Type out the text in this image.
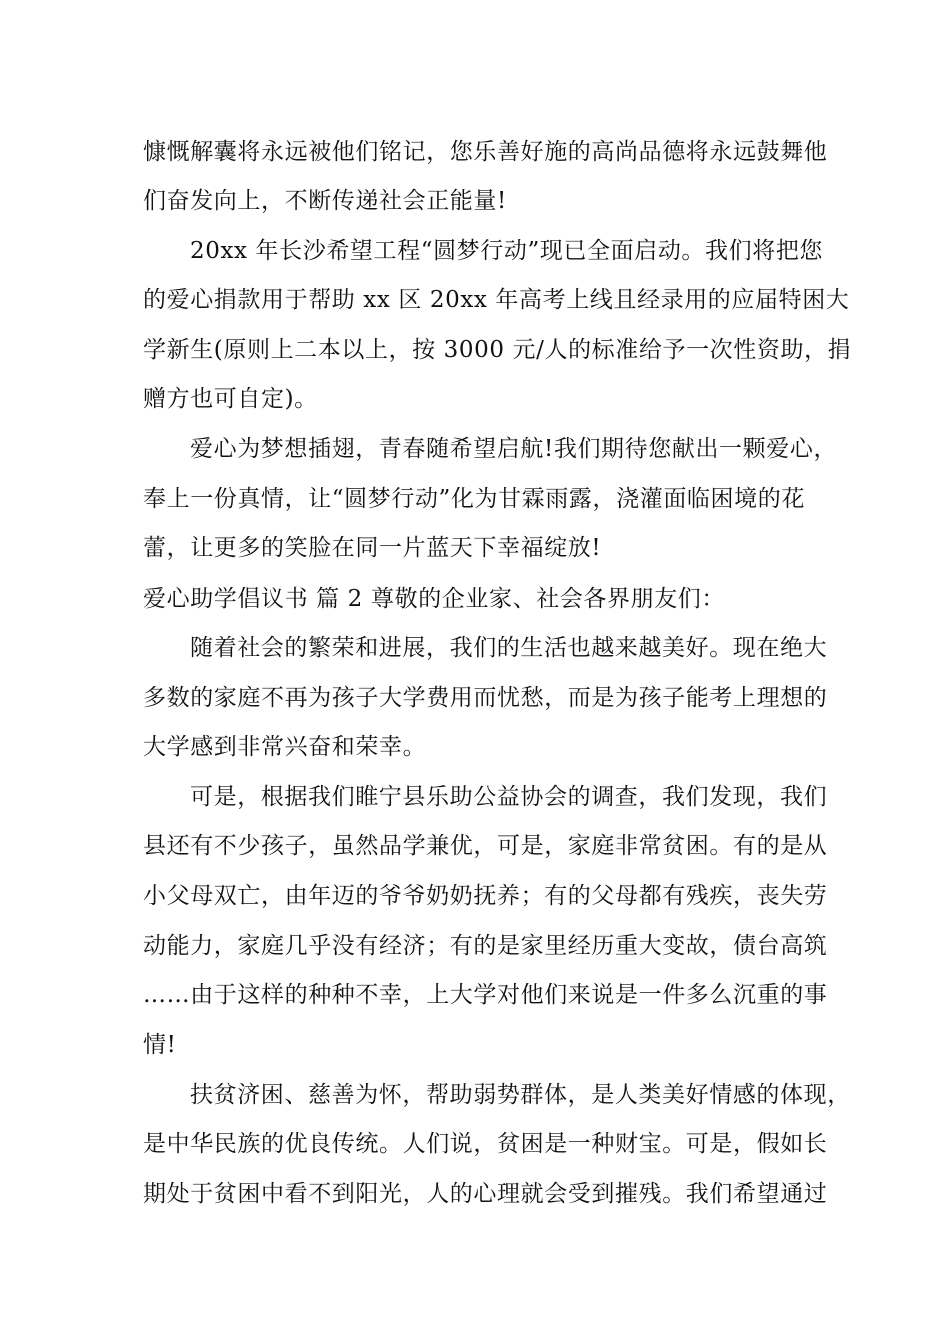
慷慨解囊将永远被他们铭记，您乐善好施的高尚品德将永远鼓舞他
们奋发向上，不断传递社会正能量!
20xx 年长沙希望工程“圆梦行动”现已全面启动。我们将把您
的爱心捐款用于帮助 xx 区 20xx 年高考上线且经录用的应届特困大
学新生(原则上二本以上，按 3000 元/人的标准给予一次性资助，捐
赠方也可自定)。
爱心为梦想插翅，青春随希望启航!我们期待您献出一颗爱心，
奉上一份真情，让“圆梦行动”化为甘霖雨露，浇灌面临困境的花
蕾，让更多的笑脸在同一片蓝天下幸福绽放!
爱心助学倡议书 篇 2 尊敬的企业家、社会各界朋友们：
随着社会的繁荣和进展，我们的生活也越来越美好。现在绝大
多数的家庭不再为孩子大学费用而忧愁，而是为孩子能考上理想的
大学感到非常兴奋和荣幸。
可是，根据我们睢宁县乐助公益协会的调查，我们发现，我们
县还有不少孩子，虽然品学兼优，可是，家庭非常贫困。有的是从
小父母双亡，由年迈的爷爷奶奶抚养；有的父母都有残疾，丧失劳
动能力，家庭几乎没有经济；有的是家里经历重大变故，债台高筑
……由于这样的种种不幸，上大学对他们来说是一件多么沉重的事
情!
扶贫济困、慈善为怀，帮助弱势群体，是人类美好情感的体现，
是中华民族的优良传统。人们说，贫困是一种财宝。可是，假如长
期处于贫困中看不到阳光，人的心理就会受到摧残。我们希望通过
